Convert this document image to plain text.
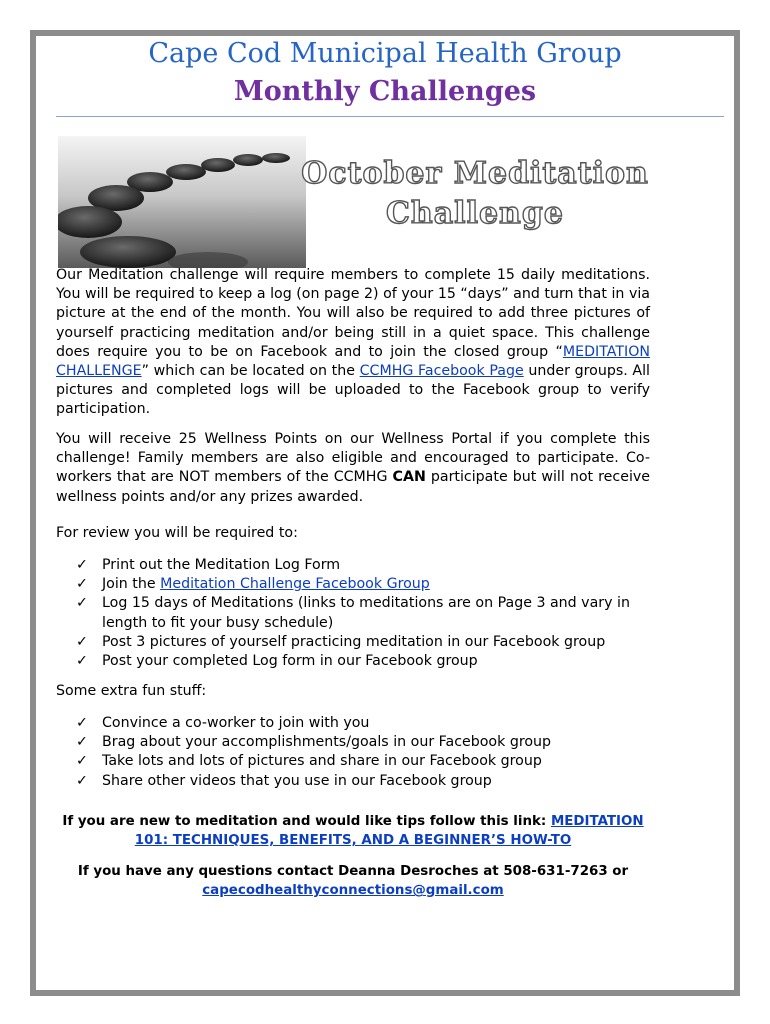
Cape Cod Municipal Health Group
Monthly Challenges
October Meditation
Challenge

Our Meditation challenge will require members to complete 15 daily meditations. You will be required to keep a log (on page 2) of your 15 “days” and turn that in via picture at the end of the month. You will also be required to add three pictures of yourself practicing meditation and/or being still in a quiet space. This challenge does require you to be on Facebook and to join the closed group “MEDITATION CHALLENGE” which can be located on the CCMHG Facebook Page under groups. All pictures and completed logs will be uploaded to the Facebook group to verify participation.

You will receive 25 Wellness Points on our Wellness Portal if you complete this challenge! Family members are also eligible and encouraged to participate. Co-workers that are NOT members of the CCMHG CAN participate but will not receive wellness points and/or any prizes awarded.

For review you will be required to:

✓ Print out the Meditation Log Form
✓ Join the Meditation Challenge Facebook Group
✓ Log 15 days of Meditations (links to meditations are on Page 3 and vary in length to fit your busy schedule)
✓ Post 3 pictures of yourself practicing meditation in our Facebook group
✓ Post your completed Log form in our Facebook group

Some extra fun stuff:

✓ Convince a co-worker to join with you
✓ Brag about your accomplishments/goals in our Facebook group
✓ Take lots and lots of pictures and share in our Facebook group
✓ Share other videos that you use in our Facebook group
If you are new to meditation and would like tips follow this link: MEDITATION 101: TECHNIQUES, BENEFITS, AND A BEGINNER’S HOW-TO
If you have any questions contact Deanna Desroches at 508-631-7263 or capecodhealthyconnections@gmail.com
